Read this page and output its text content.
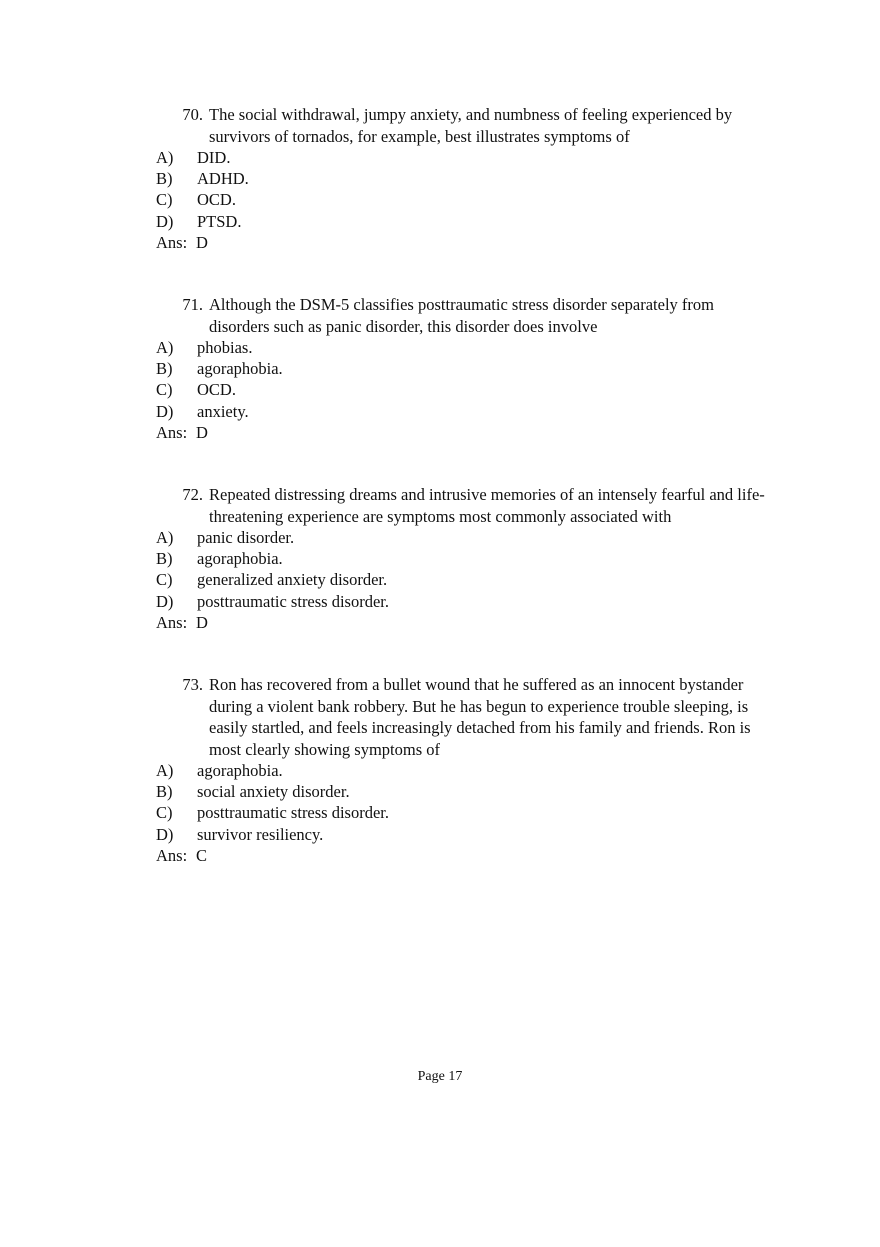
70. The social withdrawal, jumpy anxiety, and numbness of feeling experienced by survivors of tornados, for example, best illustrates symptoms of
A)	DID.
B)	ADHD.
C)	OCD.
D)	PTSD.
Ans: D
71. Although the DSM-5 classifies posttraumatic stress disorder separately from disorders such as panic disorder, this disorder does involve
A)	phobias.
B)	agoraphobia.
C)	OCD.
D)	anxiety.
Ans: D
72. Repeated distressing dreams and intrusive memories of an intensely fearful and life-threatening experience are symptoms most commonly associated with
A)	panic disorder.
B)	agoraphobia.
C)	generalized anxiety disorder.
D)	posttraumatic stress disorder.
Ans: D
73. Ron has recovered from a bullet wound that he suffered as an innocent bystander during a violent bank robbery. But he has begun to experience trouble sleeping, is easily startled, and feels increasingly detached from his family and friends. Ron is most clearly showing symptoms of
A)	agoraphobia.
B)	social anxiety disorder.
C)	posttraumatic stress disorder.
D)	survivor resiliency.
Ans: C
Page 17
